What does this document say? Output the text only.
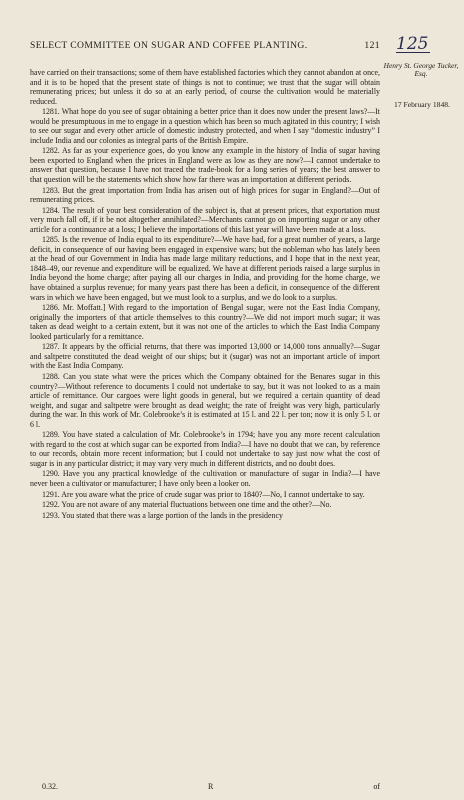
SELECT COMMITTEE ON SUGAR AND COFFEE PLANTING.	121 125
Henry St. George Tucker, Esq.
17 February 1848.

have carried on their transactions; some of them have established factories which they cannot abandon at once, and it is to be hoped that the present state of things is not to continue; we trust that the sugar will obtain remunerating prices; but unless it do so at an early period, of course the cultivation would be materially reduced.

1281. What hope do you see of sugar obtaining a better price than it does now under the present laws?—It would be presumptuous in me to engage in a question which has been so much agitated in this country; I wish to see our sugar and every other article of domestic industry protected, and when I say “domestic industry” I include India and our colonies as integral parts of the British Empire.

1282. As far as your experience goes, do you know any example in the history of India of sugar having been exported to England when the prices in England were as low as they are now?—I cannot undertake to answer that question, because I have not traced the trade-book for a long series of years; the best answer to that question will be the statements which show how far there was an importation at different periods.

1283. But the great importation from India has arisen out of high prices for sugar in England?—Out of remunerating prices.

1284. The result of your best consideration of the subject is, that at present prices, that exportation must very much fall off, if it be not altogether annihilated?—Merchants cannot go on importing sugar or any other article for a continuance at a loss; I believe the importations of this last year will have been made at a loss.

1285. Is the revenue of India equal to its expenditure?—We have had, for a great number of years, a large deficit, in consequence of our having been engaged in expensive wars; but the nobleman who has lately been at the head of our Government in India has made large military reductions, and I hope that in the next year, 1848–49, our revenue and expenditure will be equalized. We have at different periods raised a large surplus in India beyond the home charge; after paying all our charges in India, and providing for the home charge, we have obtained a surplus revenue; for many years past there has been a deficit, in consequence of the different wars in which we have been engaged, but we must look to a surplus, and we do look to a surplus.

1286. Mr. Moffatt.] With regard to the importation of Bengal sugar, were not the East India Company, originally the importers of that article themselves to this country?—We did not import much sugar; it was taken as dead weight to a certain extent, but it was not one of the articles to which the East India Company looked particularly for a remittance.

1287. It appears by the official returns, that there was imported 13,000 or 14,000 tons annually?—Sugar and saltpetre constituted the dead weight of our ships; but it (sugar) was not an important article of import with the East India Company.

1288. Can you state what were the prices which the Company obtained for the Benares sugar in this country?—Without reference to documents I could not undertake to say, but it was not looked to as a main article of remittance. Our cargoes were light goods in general, but we required a certain quantity of dead weight, and sugar and saltpetre were brought as dead weight; the rate of freight was very high, particularly during the war. In this work of Mr. Colebrooke’s it is estimated at 15 l. and 22 l. per ton; now it is only 5 l. or 6 l.

1289. You have stated a calculation of Mr. Colebrooke’s in 1794; have you any more recent calculation with regard to the cost at which sugar can be exported from India?—I have no doubt that we can, by reference to our records, obtain more recent information; but I could not undertake to say just now what the cost of sugar is in any particular district; it may vary very much in different districts, and no doubt does.

1290. Have you any practical knowledge of the cultivation or manufacture of sugar in India?—I have never been a cultivator or manufacturer; I have only been a looker on.

1291. Are you aware what the price of crude sugar was prior to 1840?—No, I cannot undertake to say.

1292. You are not aware of any material fluctuations between one time and the other?—No.

1293. You stated that there was a large portion of the lands in the presidency

0.32.	R	of
